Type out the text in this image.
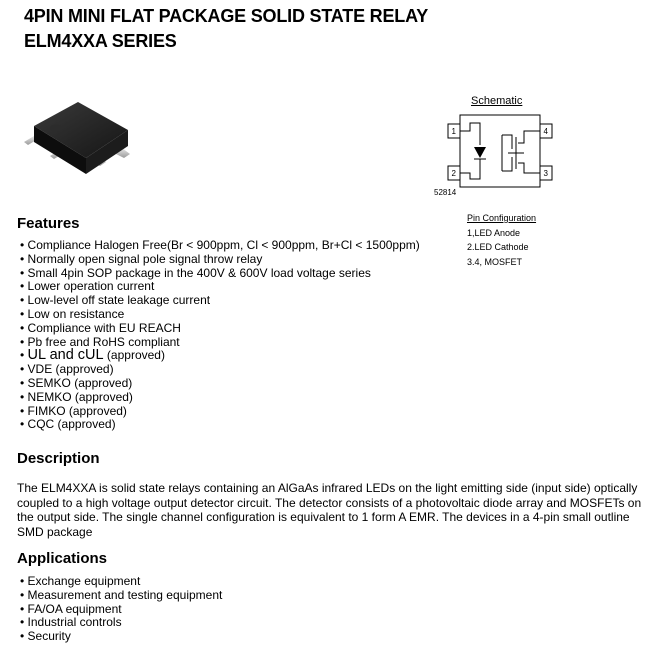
4PIN MINI FLAT PACKAGE SOLID STATE RELAY
ELM4XXA SERIES
Schematic
1
2
4
3
52814
Pin Configuration
1,LED Anode
2.LED Cathode
3.4, MOSFET
Features
• Compliance Halogen Free(Br < 900ppm, Cl < 900ppm, Br+Cl < 1500ppm)
• Normally open signal pole signal throw relay
• Small 4pin SOP package in the 400V & 600V load voltage series
• Lower operation current
• Low-level off state leakage current
• Low on resistance
• Compliance with EU REACH
• Pb free and RoHS compliant
• UL and cUL (approved)
• VDE (approved)
• SEMKO (approved)
• NEMKO (approved)
• FIMKO (approved)
• CQC (approved)
Description

The ELM4XXA is solid state relays containing an AlGaAs infrared LEDs on the light emitting side (input side) optically coupled to a high voltage output detector circuit. The detector consists of a photovoltaic diode array and MOSFETs on the output side. The single channel configuration is equivalent to 1 form A EMR. The devices in a 4-pin small outline SMD package

Applications
• Exchange equipment
• Measurement and testing equipment
• FA/OA equipment
• Industrial controls
• Security
